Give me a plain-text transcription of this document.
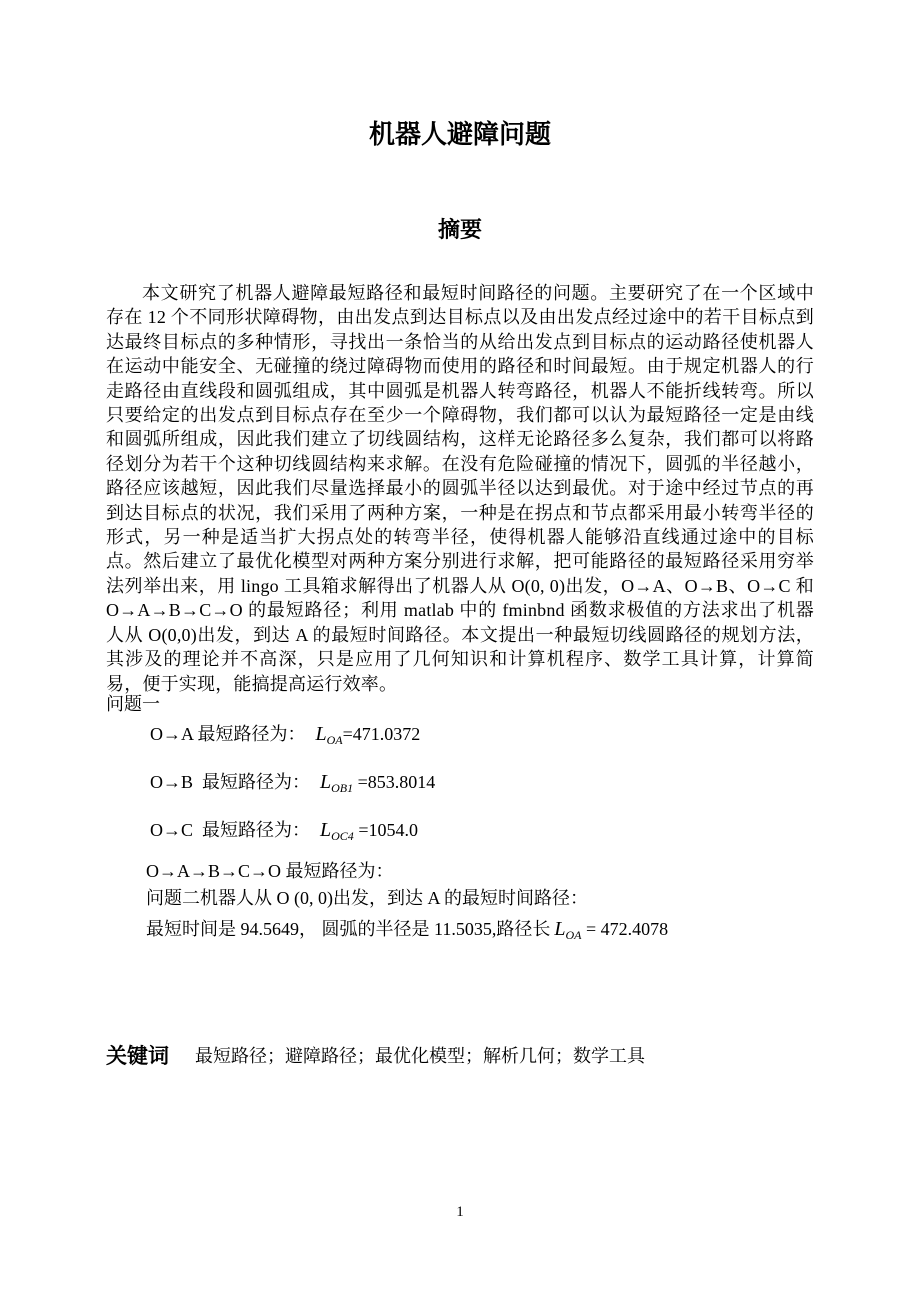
机器人避障问题
摘要
本文研究了机器人避障最短路径和最短时间路径的问题。主要研究了在一个区域中存在 12 个不同形状障碍物，由出发点到达目标点以及由出发点经过途中的若干目标点到达最终目标点的多种情形，寻找出一条恰当的从给出发点到目标点的运动路径使机器人在运动中能安全、无碰撞的绕过障碍物而使用的路径和时间最短。由于规定机器人的行走路径由直线段和圆弧组成，其中圆弧是机器人转弯路径，机器人不能折线转弯。所以只要给定的出发点到目标点存在至少一个障碍物，我们都可以认为最短路径一定是由线和圆弧所组成，因此我们建立了切线圆结构，这样无论路径多么复杂，我们都可以将路径划分为若干个这种切线圆结构来求解。在没有危险碰撞的情况下，圆弧的半径越小，路径应该越短，因此我们尽量选择最小的圆弧半径以达到最优。对于途中经过节点的再到达目标点的状况，我们采用了两种方案，一种是在拐点和节点都采用最小转弯半径的形式，另一种是适当扩大拐点处的转弯半径，使得机器人能够沿直线通过途中的目标点。然后建立了最优化模型对两种方案分别进行求解，把可能路径的最短路径采用穷举法列举出来，用 lingo 工具箱求解得出了机器人从 O(0, 0)出发，O→A、O→B、O→C 和 O→A→B→C→O 的最短路径；利用 matlab 中的 fminbnd 函数求极值的方法求出了机器人从 O(0,0)出发，到达 A 的最短时间路径。本文提出一种最短切线圆路径的规划方法，其涉及的理论并不高深，只是应用了几何知识和计算机程序、数学工具计算，计算简易，便于实现，能搞提高运行效率。
问题一
O→A 最短路径为： $L_{OA}=471.0372$
O→B  最短路径为： $L_{OB1} =853.8014$
O→C  最短路径为： $L_{OC4} =1054.0$
O→A→B→C→O 最短路径为：
问题二机器人从 O (0, 0)出发，到达 A 的最短时间路径：
最短时间是 94.5649， 圆弧的半径是 11.5035,路径长 $L_{OA} = 472.4078$
关键词 最短路径；避障路径；最优化模型；解析几何；数学工具
1
